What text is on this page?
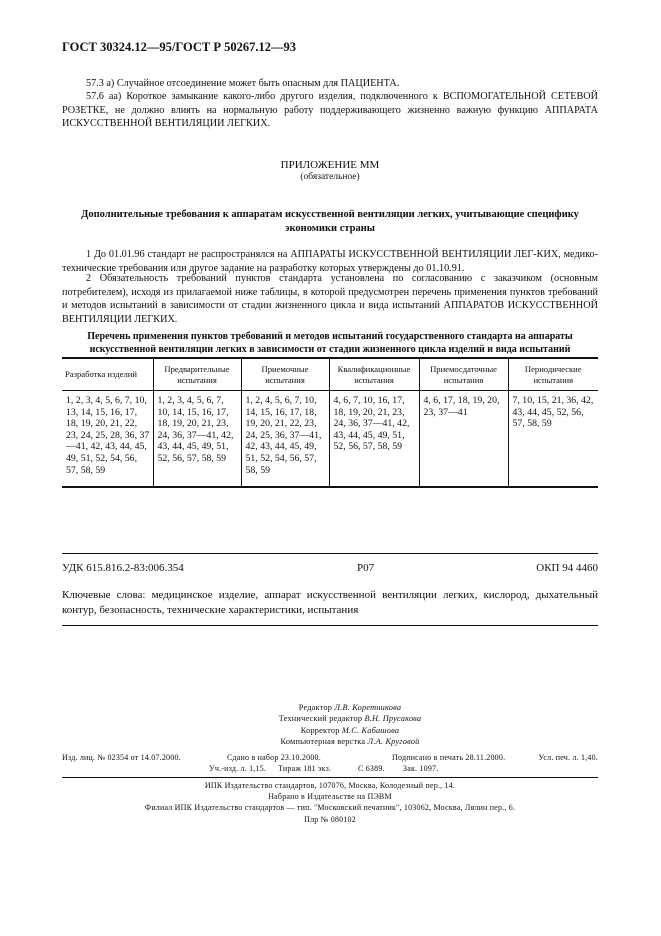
ГОСТ 30324.12—95/ГОСТ Р 50267.12—93
57.3 a) Случайное отсоединение может быть опасным для ПАЦИЕНТА.
57.6 aa) Короткое замыкание какого-либо другого изделия, подключенного к ВСПОМОГАТЕЛЬНОЙ СЕТЕВОЙ РОЗЕТКЕ, не должно влиять на нормальную работу поддерживающего жизненно важную функцию АППАРАТА ИСКУССТВЕННОЙ ВЕНТИЛЯЦИИ ЛЕГКИХ.
ПРИЛОЖЕНИЕ ММ
(обязательное)
Дополнительные требования к аппаратам искусственной вентиляции легких, учитывающие специфику экономики страны
1 До 01.01.96 стандарт не распространялся на АППАРАТЫ ИСКУССТВЕННОЙ ВЕНТИЛЯЦИИ ЛЕГ-КИХ, медико-технические требования или другое задание на разработку которых утверждены до 01.10.91.
2 Обязательность требований пунктов стандарта установлена по согласованию с заказчиком (основным потребителем), исходя из прилагаемой ниже таблицы, в которой предусмотрен перечень применения пунктов требований и методов испытаний в зависимости от стадии жизненного цикла и вида испытаний АППАРАТОВ ИСКУССТВЕННОЙ ВЕНТИЛЯЦИИ ЛЕГКИХ.
Перечень применения пунктов требований и методов испытаний государственного стандарта на аппараты искусственной вентиляции легких в зависимости от стадии жизненного цикла изделий и вида испытаний
Разработка изделий	Предварительные испытания	Приемочные испытания	Квалификационные испытания	Приемосдаточные испытания	Периодические испытания
1, 2, 3, 4, 5, 6, 7, 10, 13, 14, 15, 16, 17, 18, 19, 20, 21, 22, 23, 24, 25, 28, 36, 37—41, 42, 43, 44, 45, 49, 51, 52, 54, 56, 57, 58, 59	1, 2, 3, 4, 5, 6, 7, 10, 14, 15, 16, 17, 18, 19, 20, 21, 23, 24, 36, 37—41, 42, 43, 44, 45, 49, 51, 52, 56, 57, 58, 59	1, 2, 4, 5, 6, 7, 10, 14, 15, 16, 17, 18, 19, 20, 21, 22, 23, 24, 25, 36, 37—41, 42, 43, 44, 45, 49, 51, 52, 54, 56, 57, 58, 59	4, 6, 7, 10, 16, 17, 18, 19, 20, 21, 23, 24, 36, 37—41, 42, 43, 44, 45, 49, 51, 52, 56, 57, 58, 59	4, 6, 17, 18, 19, 20, 23, 37—41	7, 10, 15, 21, 36, 42, 43, 44, 45, 52, 56, 57, 58, 59
УДК 615.816.2-83:006.354	Р07	ОКП 94 4460
Ключевые слова: медицинское изделие, аппарат искусственной вентиляции легких, кислород, дыхательный контур, безопасность, технические характеристики, испытания
Редактор Л.В. Коретникова
Технический редактор В.Н. Прусакова
Корректор М.С. Кабашова
Компьютерная верстка Л.А. Круговой
Изд. лиц. № 02354 от 14.07.2000.	Сдано в набор 23.10.2000.	Подписано в печать 28.11.2000.	Усл. печ. л. 1,40.
Уч.-изд. л. 1,15. Тираж 181 экз.	С 6389. Зак. 1097.
ИПК Издательство стандартов, 107076, Москва, Колодезный пер., 14.
Набрано в Издательстве на ПЭВМ
Филиал ИПК Издательство стандартов — тип. "Московский печатник", 103062, Москва, Лялин пер., 6.
Плр № 080102
